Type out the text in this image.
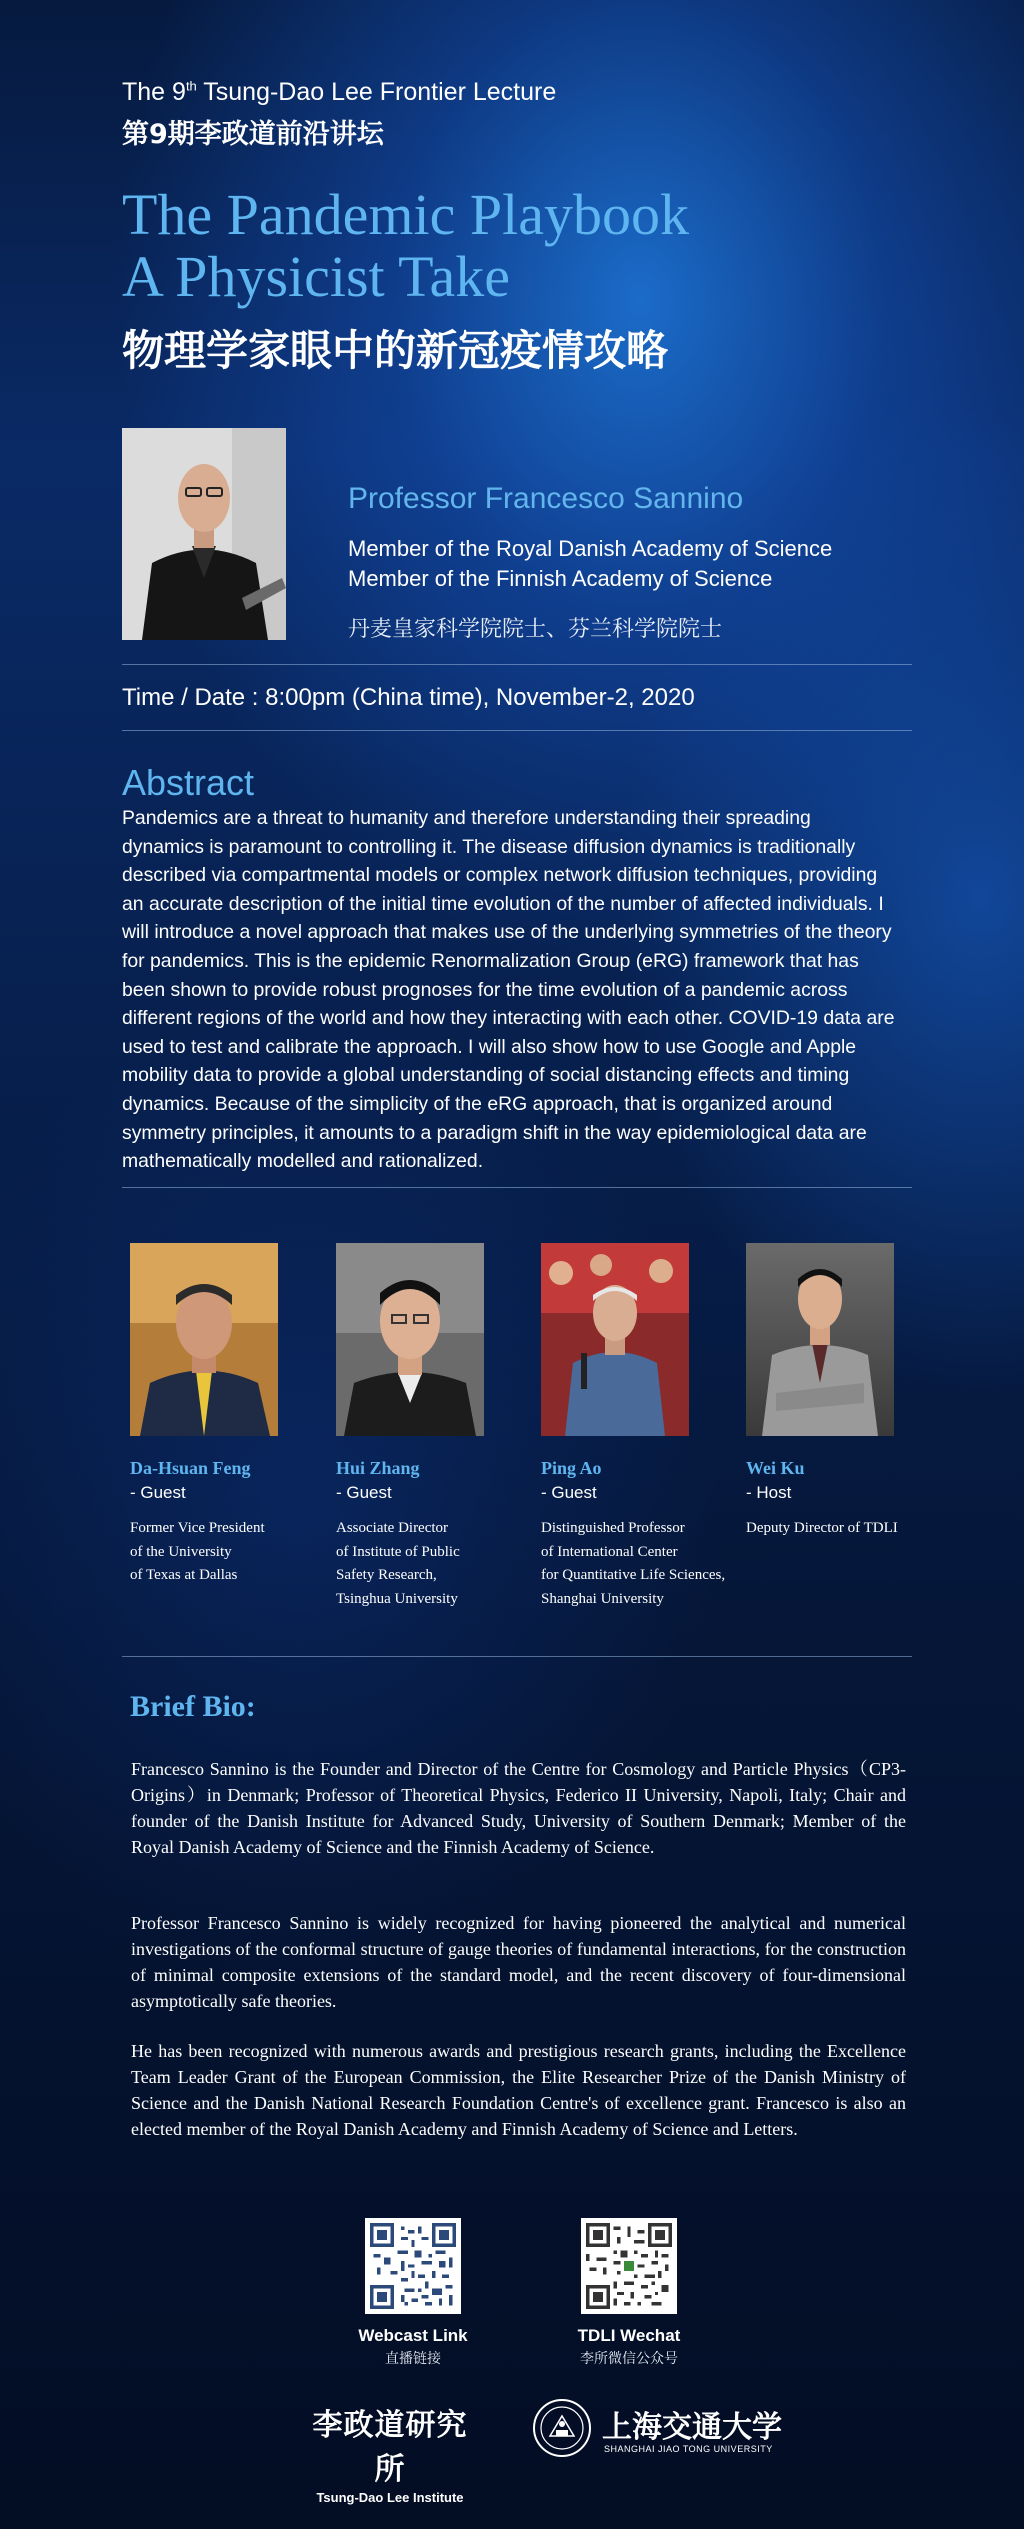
The 9th Tsung-Dao Lee Frontier Lecture
第9期李政道前沿讲坛
The Pandemic Playbook
A Physicist Take
物理学家眼中的新冠疫情攻略
Professor Francesco Sannino
Member of the Royal Danish Academy of Science
Member of the Finnish Academy of Science
丹麦皇家科学院院士、芬兰科学院院士
Time / Date : 8:00pm (China time), November-2, 2020
Abstract
Pandemics are a threat to humanity and therefore understanding their spreading dynamics is paramount to controlling it. The disease diffusion dynamics is traditionally described via compartmental models or complex network diffusion techniques, providing an accurate description of the initial time evolution of the number of affected individuals. I will introduce a novel approach that makes use of the underlying symmetries of the theory for pandemics. This is the epidemic Renormalization Group (eRG) framework that has been shown to provide robust prognoses for the time evolution of a pandemic across different regions of the world and how they interacting with each other. COVID-19 data are used to test and calibrate the approach. I will also show how to use Google and Apple mobility data to provide a global understanding of social distancing effects and timing dynamics. Because of the simplicity of the eRG approach, that is organized around symmetry principles, it amounts to a paradigm shift in the way epidemiological data are mathematically modelled and rationalized.
Da-Hsuan Feng
- Guest
Former Vice President
of the University
of Texas at Dallas
Hui Zhang
- Guest
Associate Director
of Institute of Public
Safety Research,
Tsinghua University
Ping Ao
- Guest
Distinguished Professor
of International Center
for Quantitative Life Sciences,
Shanghai University
Wei Ku
- Host
Deputy Director of TDLI
Brief Bio:
Francesco Sannino is the Founder and Director of the Centre for Cosmology and Particle Physics（CP3-Origins）in Denmark; Professor of Theoretical Physics, Federico II University, Napoli, Italy; Chair and founder of the Danish Institute for Advanced Study, University of Southern Denmark; Member of the Royal Danish Academy of Science and the Finnish Academy of Science.
Professor Francesco Sannino is widely recognized for having pioneered the analytical and numerical investigations of the conformal structure of gauge theories of fundamental interactions, for the construction of minimal composite extensions of the standard model, and the recent discovery of four-dimensional asymptotically safe theories.
He has been recognized with numerous awards and prestigious research grants, including the Excellence Team Leader Grant of the European Commission, the Elite Researcher Prize of the Danish Ministry of Science and the Danish National Research Foundation Centre's of excellence grant. Francesco is also an elected member of the Royal Danish Academy and Finnish Academy of Science and Letters.
Webcast Link
直播链接
TDLI Wechat
李所微信公众号
李政道研究所
Tsung-Dao Lee Institute
上海交通大学
SHANGHAI JIAO TONG UNIVERSITY
